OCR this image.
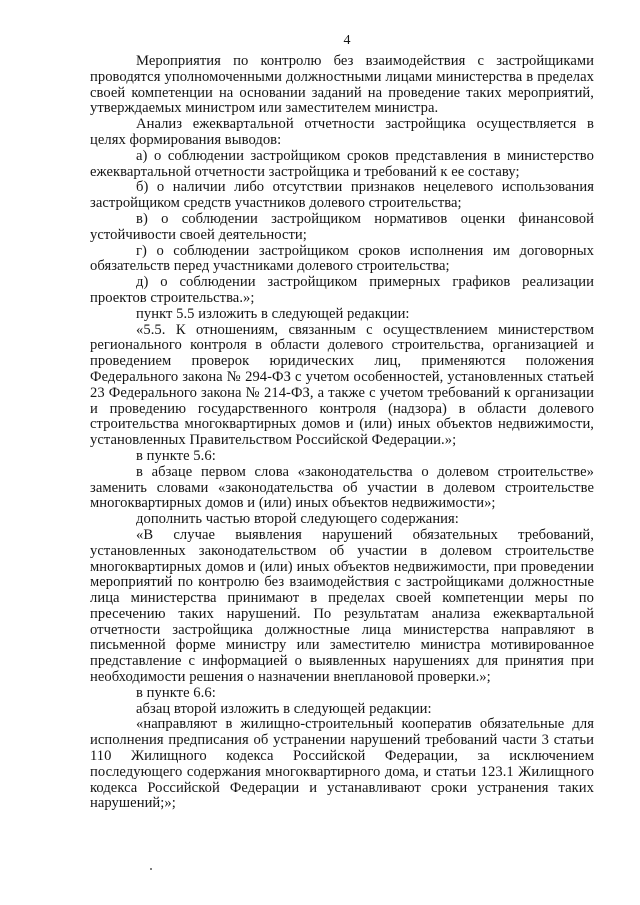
4

Мероприятия по контролю без взаимодействия с застройщиками проводятся уполномоченными должностными лицами министерства в пределах своей компетенции на основании заданий на проведение таких мероприятий, утверждаемых министром или заместителем министра.

Анализ ежеквартальной отчетности застройщика осуществляется в целях формирования выводов:

а) о соблюдении застройщиком сроков представления в министерство ежеквартальной отчетности застройщика и требований к ее составу;

б) о наличии либо отсутствии признаков нецелевого использования застройщиком средств участников долевого строительства;

в) о соблюдении застройщиком нормативов оценки финансовой устойчивости своей деятельности;

г) о соблюдении застройщиком сроков исполнения им договорных обязательств перед участниками долевого строительства;

д) о соблюдении застройщиком примерных графиков реализации проектов строительства.»;

пункт 5.5 изложить в следующей редакции:

«5.5. К отношениям, связанным с осуществлением министерством регионального контроля в области долевого строительства, организацией и проведением проверок юридических лиц, применяются положения Федерального закона № 294-ФЗ с учетом особенностей, установленных статьей 23 Федерального закона № 214-ФЗ, а также с учетом требований к организации и проведению государственного контроля (надзора) в области долевого строительства многоквартирных домов и (или) иных объектов недвижимости, установленных Правительством Российской Федерации.»;

в пункте 5.6:

в абзаце первом слова «законодательства о долевом строительстве» заменить словами «законодательства об участии в долевом строительстве многоквартирных домов и (или) иных объектов недвижимости»;

дополнить частью второй следующего содержания:

«В случае выявления нарушений обязательных требований, установленных законодательством об участии в долевом строительстве многоквартирных домов и (или) иных объектов недвижимости, при проведении мероприятий по контролю без взаимодействия с застройщиками должностные лица министерства принимают в пределах своей компетенции меры по пресечению таких нарушений. По результатам анализа ежеквартальной отчетности застройщика должностные лица министерства направляют в письменной форме министру или заместителю министра мотивированное представление с информацией о выявленных нарушениях для принятия при необходимости решения о назначении внеплановой проверки.»;

в пункте 6.6:

абзац второй изложить в следующей редакции:

«направляют в жилищно-строительный кооператив обязательные для исполнения предписания об устранении нарушений требований части 3 статьи 110 Жилищного кодекса Российской Федерации, за исключением последующего содержания многоквартирного дома, и статьи 123.1 Жилищного кодекса Российской Федерации и устанавливают сроки устранения таких нарушений;»;
